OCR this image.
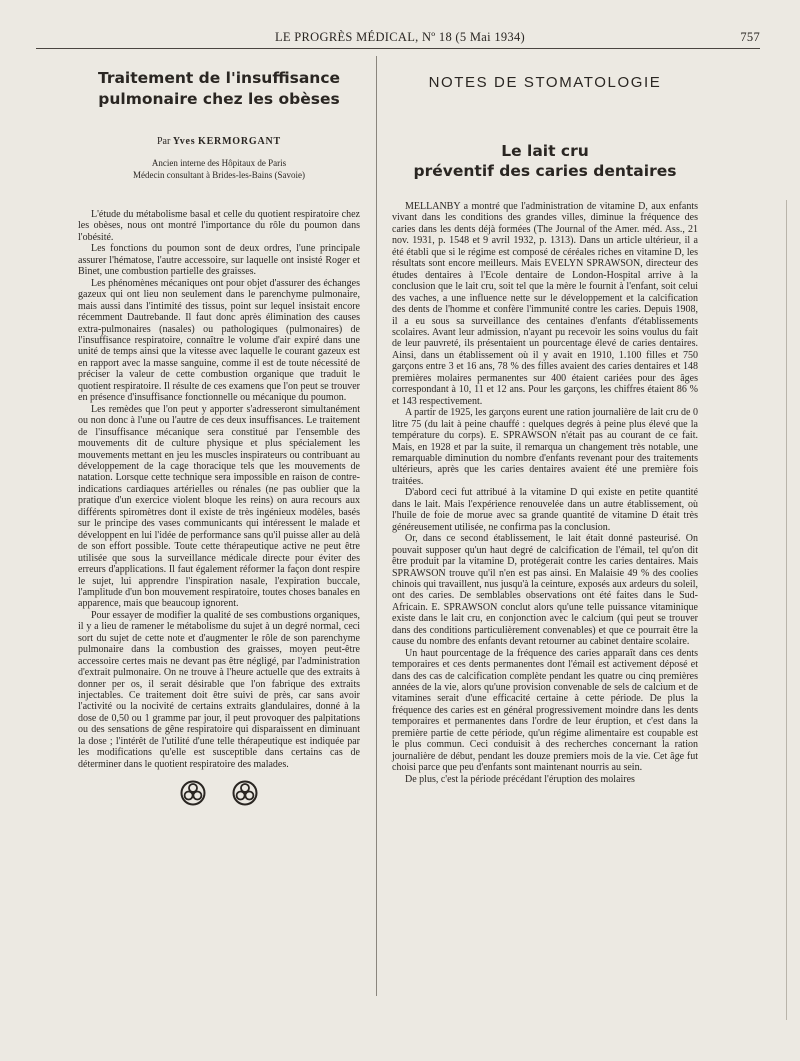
LE PROGRÈS MÉDICAL, Nº 18 (5 Mai 1934)	757
Traitement de l'insuffisance
pulmonaire chez les obèses
Par Yves KERMORGANT
Ancien interne des Hôpitaux de Paris
Médecin consultant à Brides-les-Bains (Savoie)

L'étude du métabolisme basal et celle du quotient respiratoire chez les obèses, nous ont montré l'importance du rôle du poumon dans l'obésité.

Les fonctions du poumon sont de deux ordres, l'une principale assurer l'hématose, l'autre accessoire, sur laquelle ont insisté Roger et Binet, une combustion partielle des graisses.

Les phénomènes mécaniques ont pour objet d'assurer des échanges gazeux qui ont lieu non seulement dans le parenchyme pulmonaire, mais aussi dans l'intimité des tissus, point sur lequel insistait encore récemment Dautrebande. Il faut donc après élimination des causes extra-pulmonaires (nasales) ou pathologiques (pulmonaires) de l'insuffisance respiratoire, connaître le volume d'air expiré dans une unité de temps ainsi que la vitesse avec laquelle le courant gazeux est en rapport avec la masse sanguine, comme il est de toute nécessité de préciser la valeur de cette combustion organique que traduit le quotient respiratoire. Il résulte de ces examens que l'on peut se trouver en présence d'insuffisance fonctionnelle ou mécanique du poumon.

Les remèdes que l'on peut y apporter s'adresseront simultanément ou non donc à l'une ou l'autre de ces deux insuffisances. Le traitement de l'insuffisance mécanique sera constitué par l'ensemble des mouvements dit de culture physique et plus spécialement les mouvements mettant en jeu les muscles inspirateurs ou contribuant au développement de la cage thoracique tels que les mouvements de natation. Lorsque cette technique sera impossible en raison de contre-indications cardiaques artérielles ou rénales (ne pas oublier que la pratique d'un exercice violent bloque les reins) on aura recours aux différents spiromètres dont il existe de très ingénieux modèles, basés sur le principe des vases communicants qui intéressent le malade et développent en lui l'idée de performance sans qu'il puisse aller au delà de son effort possible. Toute cette thérapeutique active ne peut être utilisée que sous la surveillance médicale directe pour éviter des erreurs d'applications. Il faut également réformer la façon dont respire le sujet, lui apprendre l'inspiration nasale, l'expiration buccale, l'amplitude d'un bon mouvement respiratoire, toutes choses banales en apparence, mais que beaucoup ignorent.

Pour essayer de modifier la qualité de ses combustions organiques, il y a lieu de ramener le métabolisme du sujet à un degré normal, ceci sort du sujet de cette note et d'augmenter le rôle de son parenchyme pulmonaire dans la combustion des graisses, moyen peut-être accessoire certes mais ne devant pas être négligé, par l'administration d'extrait pulmonaire. On ne trouve à l'heure actuelle que des extraits à donner per os, il serait désirable que l'on fabrique des extraits injectables. Ce traitement doit être suivi de près, car sans avoir l'activité ou la nocivité de certains extraits glandulaires, donné à la dose de 0,50 ou 1 gramme par jour, il peut provoquer des palpitations ou des sensations de gêne respiratoire qui disparaissent en diminuant la dose ; l'intérêt de l'utilité d'une telle thérapeutique est indiquée par les modifications qu'elle est susceptible dans certains cas de déterminer dans le quotient respiratoire des malades.

NOTES DE STOMATOLOGIE
Le lait cru
préventif des caries dentaires

MELLANBY a montré que l'administration de vitamine D, aux enfants vivant dans les conditions des grandes villes, diminue la fréquence des caries dans les dents déjà formées (The Journal of the Amer. méd. Ass., 21 nov. 1931, p. 1548 et 9 avril 1932, p. 1313). Dans un article ultérieur, il a été établi que si le régime est composé de céréales riches en vitamine D, les résultats sont encore meilleurs. Mais EVELYN SPRAWSON, directeur des études dentaires à l'Ecole dentaire de London-Hospital arrive à la conclusion que le lait cru, soit tel que la mère le fournit à l'enfant, soit celui des vaches, a une influence nette sur le développement et la calcification des dents de l'homme et confère l'immunité contre les caries. Depuis 1908, il a eu sous sa surveillance des centaines d'enfants d'établissements scolaires. Avant leur admission, n'ayant pu recevoir les soins voulus du fait de leur pauvreté, ils présentaient un pourcentage élevé de caries dentaires. Ainsi, dans un établissement où il y avait en 1910, 1.100 filles et 750 garçons entre 3 et 16 ans, 78 % des filles avaient des caries dentaires et 148 premières molaires permanentes sur 400 étaient cariées pour des âges correspondant à 10, 11 et 12 ans. Pour les garçons, les chiffres étaient 86 % et 143 respectivement.

A partir de 1925, les garçons eurent une ration journalière de lait cru de 0 litre 75 (du lait à peine chauffé : quelques degrés à peine plus élevé que la température du corps). E. SPRAWSON n'était pas au courant de ce fait. Mais, en 1928 et par la suite, il remarqua un changement très notable, une remarquable diminution du nombre d'enfants revenant pour des traitements ultérieurs, après que les caries dentaires avaient été une première fois traitées.

D'abord ceci fut attribué à la vitamine D qui existe en petite quantité dans le lait. Mais l'expérience renouvelée dans un autre établissement, où l'huile de foie de morue avec sa grande quantité de vitamine D était très généreusement utilisée, ne confirma pas la conclusion.

Or, dans ce second établissement, le lait était donné pasteurisé. On pouvait supposer qu'un haut degré de calcification de l'émail, tel qu'on dit être produit par la vitamine D, protégerait contre les caries dentaires. Mais SPRAWSON trouve qu'il n'en est pas ainsi. En Malaisie 49 % des coolies chinois qui travaillent, nus jusqu'à la ceinture, exposés aux ardeurs du soleil, ont des caries. De semblables observations ont été faites dans le Sud-Africain. E. SPRAWSON conclut alors qu'une telle puissance vitaminique existe dans le lait cru, en conjonction avec le calcium (qui peut se trouver dans des conditions particulièrement convenables) et que ce pourrait être la cause du nombre des enfants devant retourner au cabinet dentaire scolaire.

Un haut pourcentage de la fréquence des caries apparaît dans ces dents temporaires et ces dents permanentes dont l'émail est activement déposé et dans des cas de calcification complète pendant les quatre ou cinq premières années de la vie, alors qu'une provision convenable de sels de calcium et de vitamines serait d'une efficacité certaine à cette période. De plus la fréquence des caries est en général progressivement moindre dans les dents temporaires et permanentes dans l'ordre de leur éruption, et c'est dans la première partie de cette période, qu'un régime alimentaire est coupable est le plus commun. Ceci conduisit à des recherches concernant la ration journalière de début, pendant les douze premiers mois de la vie. Cet âge fut choisi parce que peu d'enfants sont maintenant nourris au sein.

De plus, c'est la période précédant l'éruption des molaires
